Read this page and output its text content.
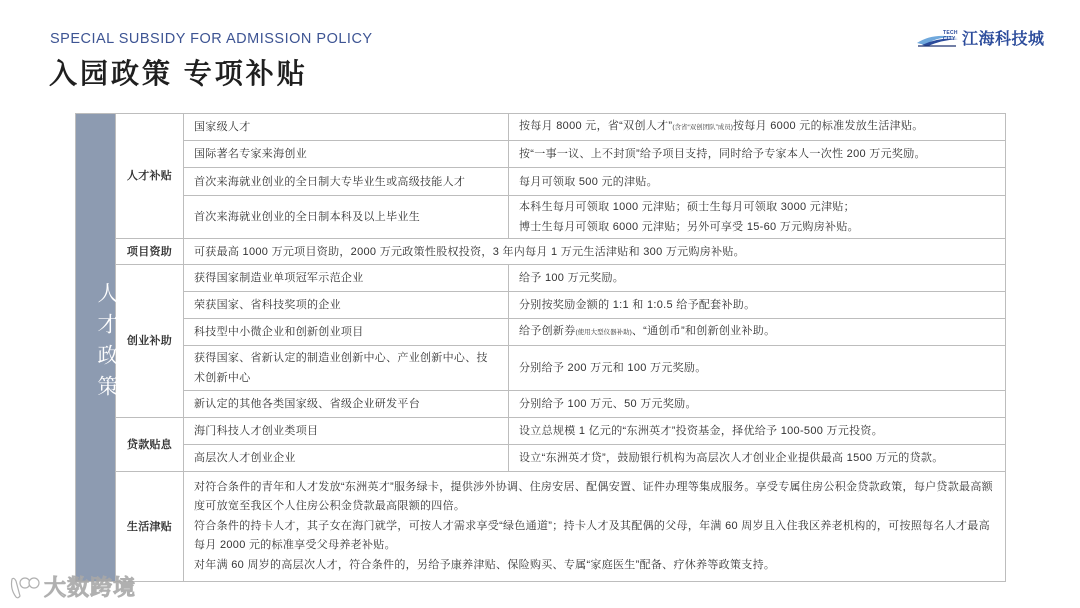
SPECIAL SUBSIDY FOR ADMISSION POLICY
入园政策 专项补贴
TECH
CITY 江海科技城
人才政策	人才补贴	国家级人才	按每月 8000 元，省“双创人才”(含省“双创团队”成员)按每月 6000 元的标准发放生活津贴。
		国际著名专家来海创业	按“一事一议、上不封顶”给予项目支持，同时给予专家本人一次性 200 万元奖励。
		首次来海就业创业的全日制大专毕业生或高级技能人才	每月可领取 500 元的津贴。
		首次来海就业创业的全日制本科及以上毕业生	本科生每月可领取 1000 元津贴；硕士生每月可领取 3000 元津贴；
博士生每月可领取 6000 元津贴；另外可享受 15-60 万元购房补贴。

	项目资助	可获最高 1000 万元项目资助，2000 万元政策性股权投资，3 年内每月 1 万元生活津贴和 300 万元购房补贴。	
	创业补助	获得国家制造业单项冠军示范企业	给予 100 万元奖励。
		荣获国家、省科技奖项的企业	分别按奖励金额的 1:1 和 1:0.5 给予配套补助。
		科技型中小微企业和创新创业项目	给予创新券(使用大型仪器补助)、“通创币”和创新创业补助。
		获得国家、省新认定的制造业创新中心、产业创新中心、技术创新中心	分别给予 200 万元和 100 万元奖励。
		新认定的其他各类国家级、省级企业研发平台	分别给予 100 万元、50 万元奖励。
	贷款贴息	海门科技人才创业类项目	设立总规模 1 亿元的“东洲英才”投资基金，择优给予 100-500 万元投资。
		高层次人才创业企业	设立“东洲英才贷”，鼓励银行机构为高层次人才创业企业提供最高 1500 万元的贷款。
	生活津贴	对符合条件的青年和人才发放“东洲英才”服务绿卡，提供涉外协调、住房安居、配偶安置、证件办理等集成服务。享受专属住房公积金贷款政策，每户贷款最高额度可放宽至我区个人住房公积金贷款最高限额的四倍。

符合条件的持卡人才，其子女在海门就学，可按人才需求享受“绿色通道”；持卡人才及其配偶的父母，年满 60 周岁且入住我区养老机构的，可按照每名人才最高每月 2000 元的标准享受父母养老补贴。

对年满 60 周岁的高层次人才，符合条件的，另给予康养津贴、保险购买、专属“家庭医生”配备、疗休养等政策支持。	

大数跨境
